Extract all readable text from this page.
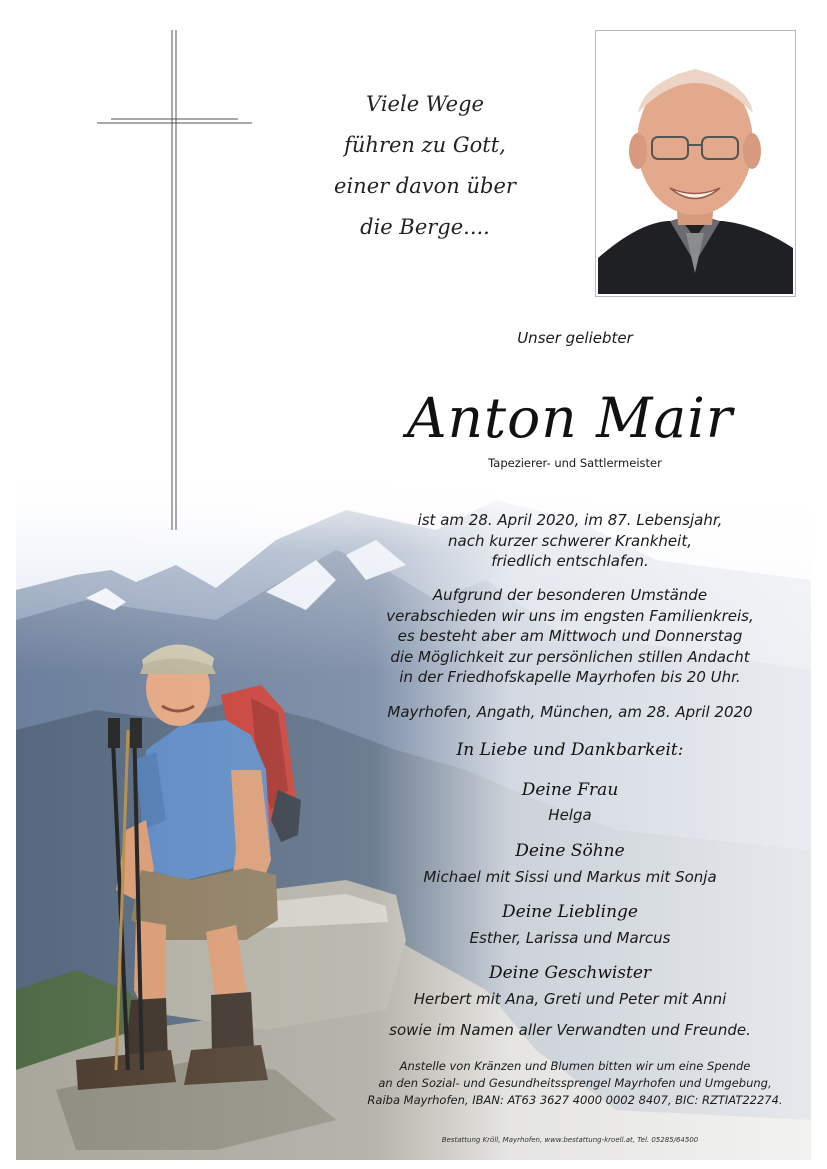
Viele Wege
führen zu Gott,
einer davon über
die Berge....
Unser geliebter
Anton Mair
Tapezierer- und Sattlermeister
ist am 28. April 2020, im 87. Lebensjahr,
nach kurzer schwerer Krankheit,
friedlich entschlafen.
Aufgrund der besonderen Umstände
verabschieden wir uns im engsten Familienkreis,
es besteht aber am Mittwoch und Donnerstag
die Möglichkeit zur persönlichen stillen Andacht
in der Friedhofskapelle Mayrhofen bis 20 Uhr.
Mayrhofen, Angath, München, am 28. April 2020
In Liebe und Dankbarkeit:
Deine Frau
Helga
Deine Söhne
Michael mit Sissi und Markus mit Sonja
Deine Lieblinge
Esther, Larissa und Marcus
Deine Geschwister
Herbert mit Ana, Greti und Peter mit Anni
sowie im Namen aller Verwandten und Freunde.
Anstelle von Kränzen und Blumen bitten wir um eine Spende
an den Sozial- und Gesundheitssprengel Mayrhofen und Umgebung,
Raiba Mayrhofen, IBAN: AT63 3627 4000 0002 8407, BIC: RZTIAT22274.
Bestattung Kröll, Mayrhofen, www.bestattung-kroell.at, Tel. 05285/64500
